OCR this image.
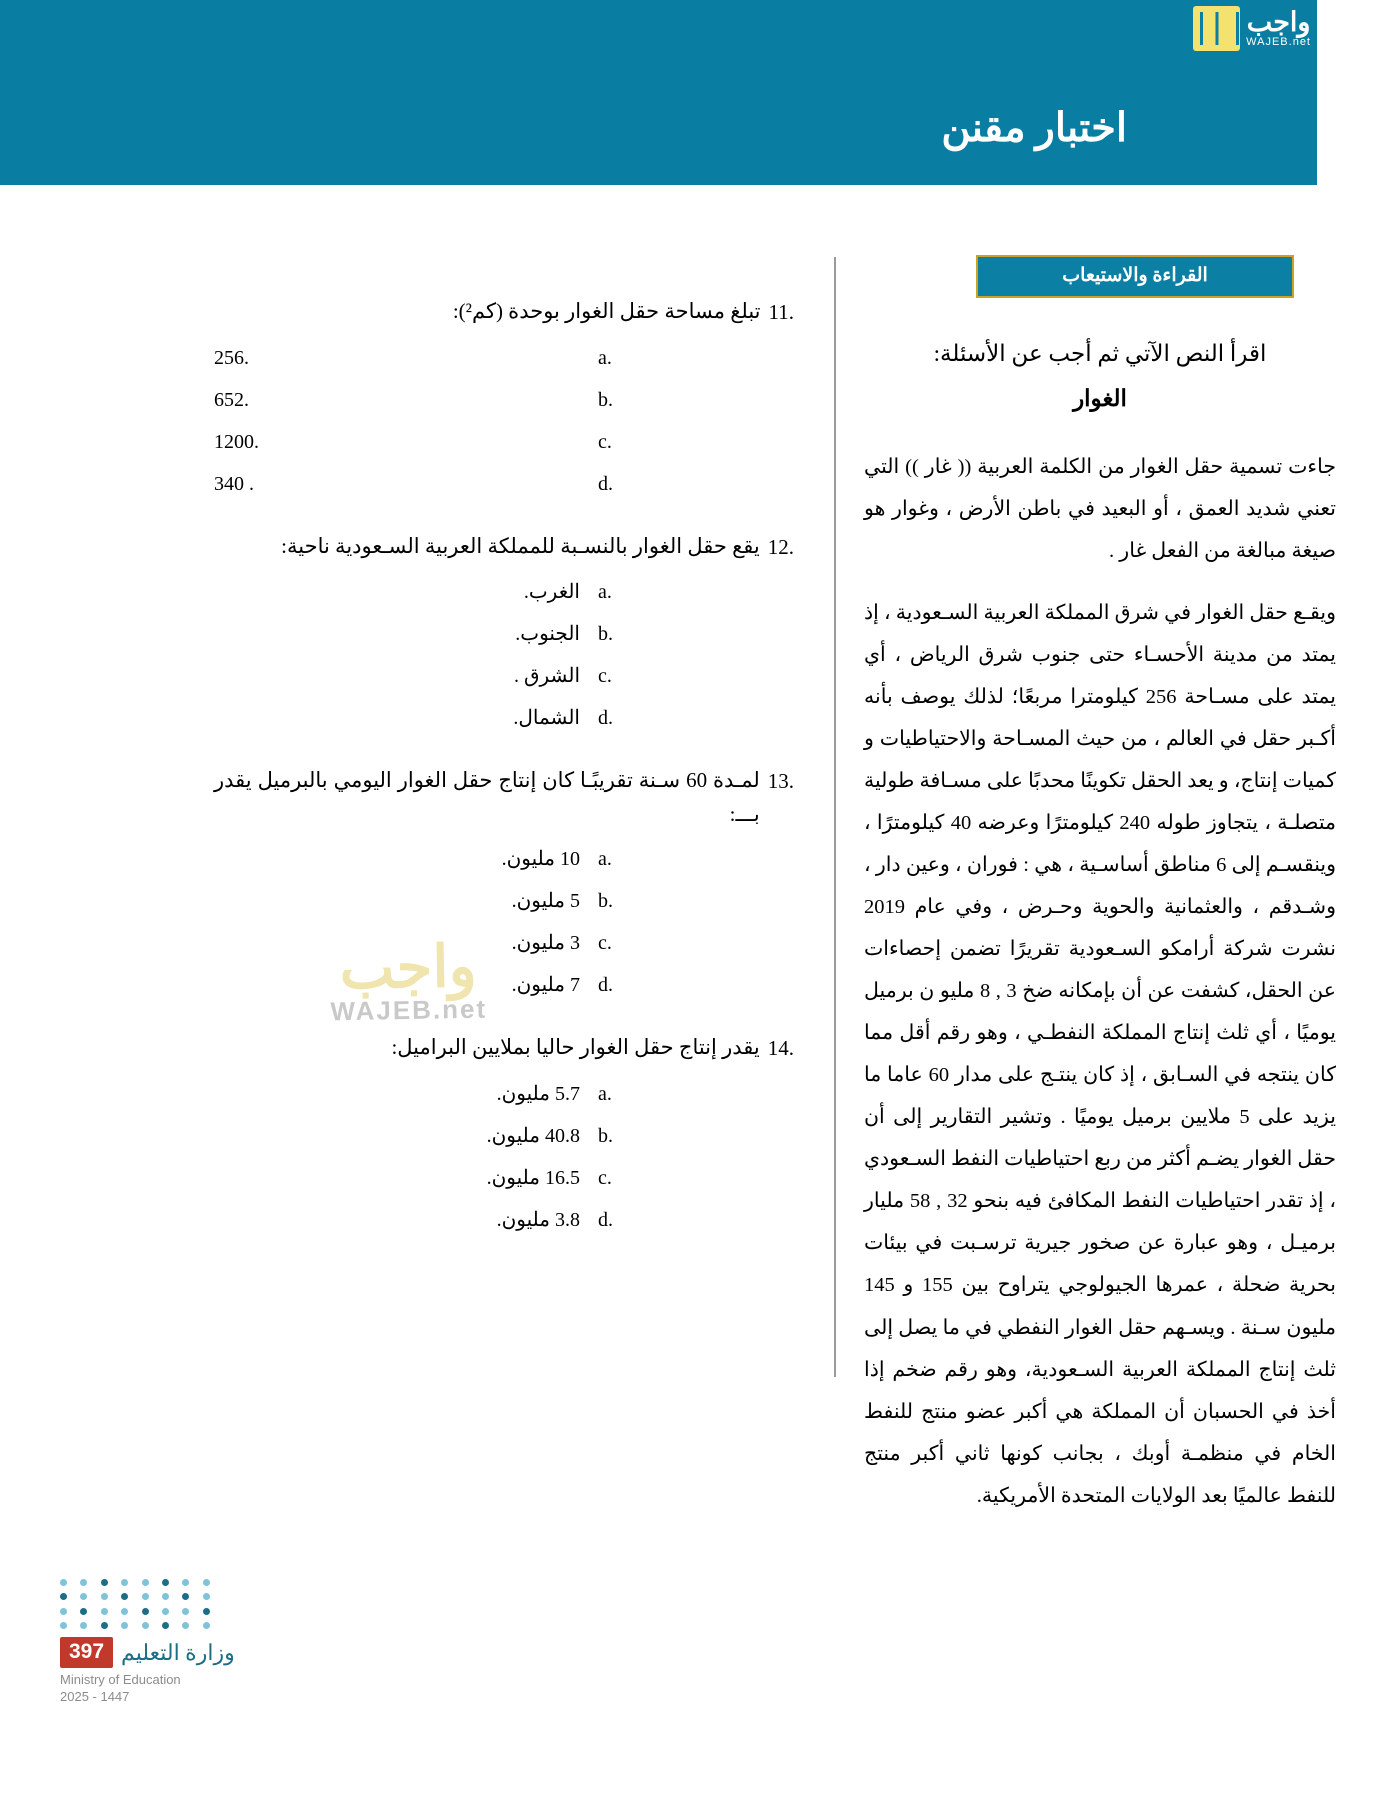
واجب
WAJEB.net
اختبار مقنن
القراءة والاستيعاب
اقرأ النص الآتي ثم أجب عن الأسئلة:
الغوار

جاءت تسمية حقل الغوار من الكلمة العربية (( غار )) التي تعني شديد العمق ، أو البعيد في باطن الأرض ، وغوار هو صيغة مبالغة من الفعل غار .

ويقـع حقل الغوار في شرق المملكة العربية السـعودية ، إذ يمتد من مدينة الأحسـاء حتى جنوب شرق الرياض ، أي يمتد على مسـاحة 256 كيلومترا مربعًا؛ لذلك يوصف بأنه أكـبر حقل في العالم ، من حيث المسـاحة والاحتياطيات و كميات إنتاج، و يعد الحقل تكوينًا محدبًا على مسـافة طولية متصلـة ، يتجاوز طوله 240 كيلومترًا وعرضه 40 كيلومترًا ، وينقسـم إلى 6 مناطق أساسـية ، هي : فوران ، وعين دار ، وشـدقم ، والعثمانية والحوية وحـرض ، وفي عام 2019 نشرت شركة أرامكو السـعودية تقريرًا تضمن إحصاءات عن الحقل، كشفت عن أن بإمكانه ضخ 3 , 8 مليو ن برميل يوميًا ، أي ثلث إنتاج المملكة النفطـي ، وهو رقم أقل مما كان ينتجه في السـابق ، إذ كان ينتـج على مدار 60 عاما ما يزيد على 5 ملايين برميل يوميًا . وتشير التقارير إلى أن حقل الغوار يضـم أكثر من ربع احتياطيات النفط السـعودي ، إذ تقدر احتياطيات النفط المكافئ فيه بنحو 32 , 58 مليار برميـل ، وهو عبارة عن صخور جيرية ترسـبت في بيئات بحرية ضحلة ، عمرها الجيولوجي يتراوح بين 155 و 145 مليون سـنة . ويسـهم حقل الغوار النفطي في ما يصل إلى ثلث إنتاج المملكة العربية السـعودية، وهو رقم ضخم إذا أخذ في الحسبان أن المملكة هي أكبر عضو منتج للنفط الخام في منظمـة أوبك ، بجانب كونها ثاني أكبر منتج للنفط عالميًا بعد الولايات المتحدة الأمريكية.

.11
تبلغ مساحة حقل الغوار بوحدة (كم²):
a.
256.
b.
652.
c.
1200.
d.
340 .
.12
يقع حقل الغوار بالنسـبة للمملكة العربية السـعودية ناحية:
a.
الغرب.
b.
الجنوب.
c.
الشرق .
d.
الشمال.
.13
لمـدة 60 سـنة تقريبًـا كان إنتاج حقل الغوار اليومي بالبرميل يقدر بـــ:
a.
10 مليون.
b.
5 مليون.
c.
3 مليون.
d.
7 مليون.
.14
يقدر إنتاج حقل الغوار حاليا بملايين البراميل:
a.
5.7 مليون.
b.
40.8 مليون.
c.
16.5 مليون.
d.
3.8 مليون.
واجب
WAJEB.net
397 وزارة التعليم
Ministry of Education
2025 - 1447
